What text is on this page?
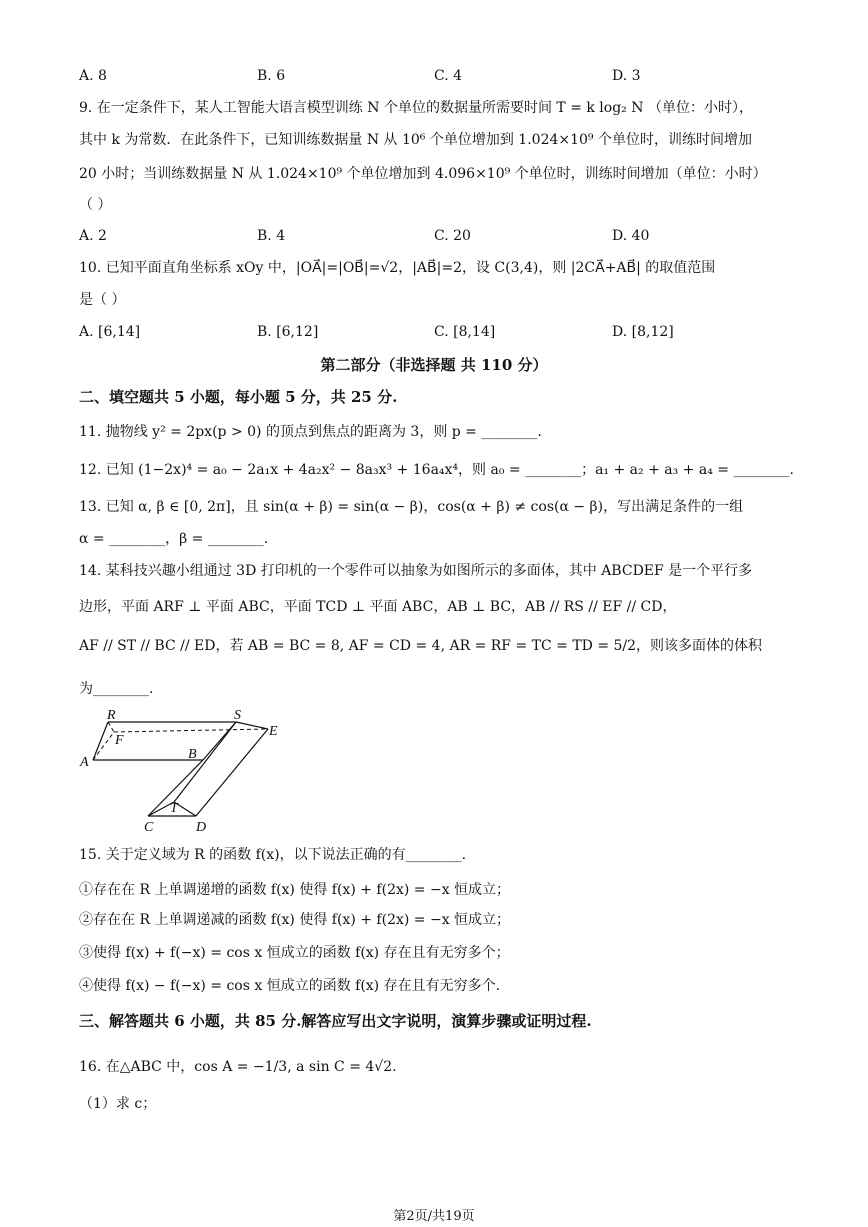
A. 8	B. 6	C. 4	D. 3
9. 在一定条件下，某人工智能大语言模型训练 N 个单位的数据量所需要时间 T = k log₂ N （单位：小时），
其中 k 为常数．在此条件下，已知训练数据量 N 从 10⁶ 个单位增加到 1.024×10⁹ 个单位时，训练时间增加
20 小时；当训练数据量 N 从 1.024×10⁹ 个单位增加到 4.096×10⁹ 个单位时，训练时间增加（单位：小时）
（ ）
A. 2	B. 4	C. 20	D. 40
10. 已知平面直角坐标系 xOy 中，|OA⃗|=|OB⃗|=√2，|AB⃗|=2，设 C(3,4)，则 |2CA⃗+AB⃗| 的取值范围
是（ ）
A. [6,14]	B. [6,12]	C. [8,14]	D. [8,12]
第二部分（非选择题 共 110 分）
二、填空题共 5 小题，每小题 5 分，共 25 分.
11. 抛物线 y² = 2px(p > 0) 的顶点到焦点的距离为 3，则 p = ________.
12. 已知 (1−2x)⁴ = a₀ − 2a₁x + 4a₂x² − 8a₃x³ + 16a₄x⁴，则 a₀ = ________；a₁ + a₂ + a₃ + a₄ = ________.
13. 已知 α, β ∈ [0, 2π]，且 sin(α + β) = sin(α − β)，cos(α + β) ≠ cos(α − β)，写出满足条件的一组
α = ________，β = ________.
14. 某科技兴趣小组通过 3D 打印机的一个零件可以抽象为如图所示的多面体，其中 ABCDEF 是一个平行多
边形，平面 ARF ⊥ 平面 ABC，平面 TCD ⊥ 平面 ABC，AB ⊥ BC，AB // RS // EF // CD，
AF // ST // BC // ED，若 AB = BC = 8, AF = CD = 4, AR = RF = TC = TD = 5/2，则该多面体的体积
为________.
R	S
E
F
A
B
T
C	D
15. 关于定义域为 R 的函数 f(x)，以下说法正确的有________.
①存在在 R 上单调递增的函数 f(x) 使得 f(x) + f(2x) = −x 恒成立；
②存在在 R 上单调递减的函数 f(x) 使得 f(x) + f(2x) = −x 恒成立；
③使得 f(x) + f(−x) = cos x 恒成立的函数 f(x) 存在且有无穷多个；
④使得 f(x) − f(−x) = cos x 恒成立的函数 f(x) 存在且有无穷多个.
三、解答题共 6 小题，共 85 分.解答应写出文字说明，演算步骤或证明过程.
16. 在△ABC 中，cos A = −1/3, a sin C = 4√2.
（1）求 c；
第2页/共19页
